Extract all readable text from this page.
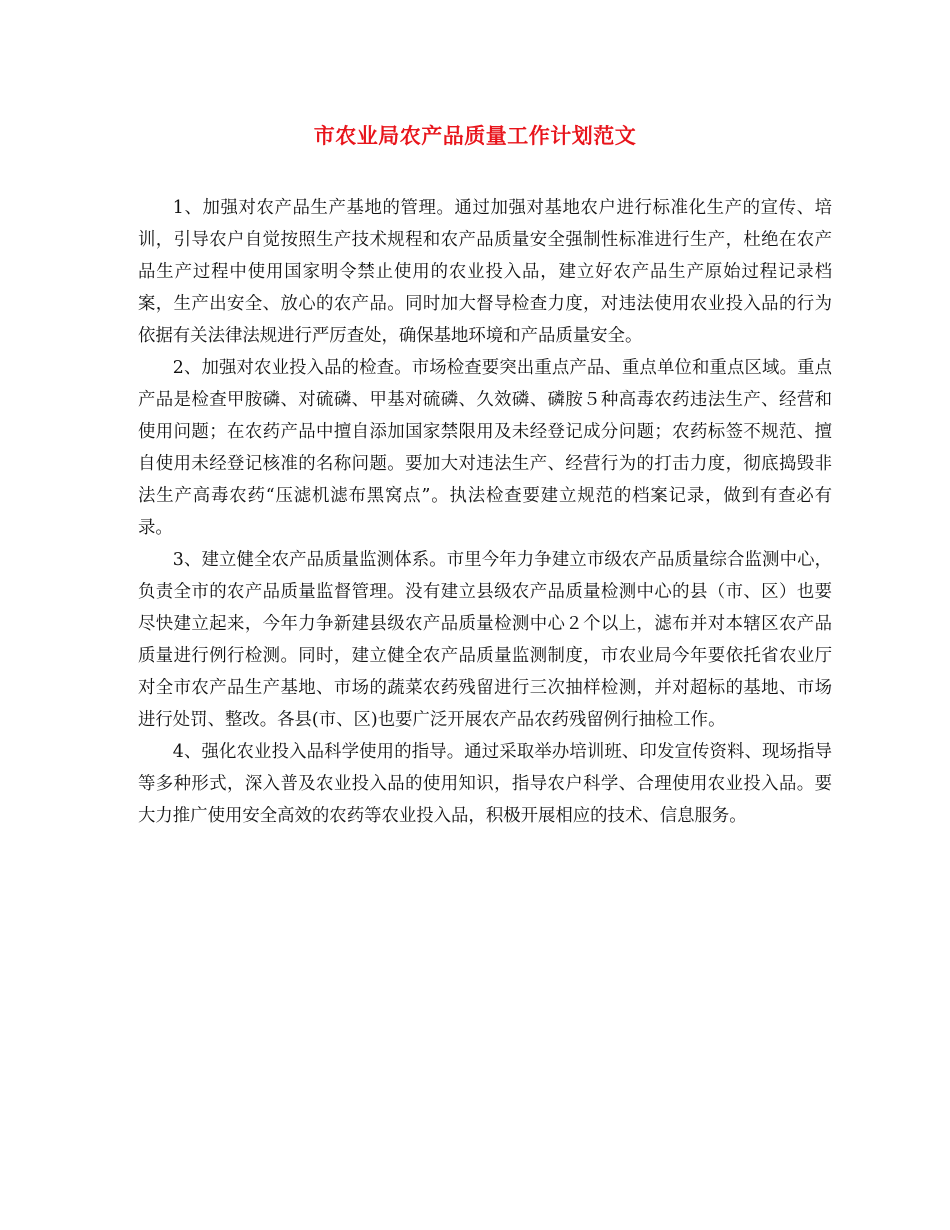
市农业局农产品质量工作计划范文

1、加强对农产品生产基地的管理。通过加强对基地农户进行标准化生产的宣传、培训，引导农户自觉按照生产技术规程和农产品质量安全强制性标准进行生产，杜绝在农产品生产过程中使用国家明令禁止使用的农业投入品，建立好农产品生产原始过程记录档案，生产出安全、放心的农产品。同时加大督导检查力度，对违法使用农业投入品的行为依据有关法律法规进行严厉查处，确保基地环境和产品质量安全。

2、加强对农业投入品的检查。市场检查要突出重点产品、重点单位和重点区域。重点产品是检查甲胺磷、对硫磷、甲基对硫磷、久效磷、磷胺５种高毒农药违法生产、经营和使用问题；在农药产品中擅自添加国家禁限用及未经登记成分问题；农药标签不规范、擅自使用未经登记核准的名称问题。要加大对违法生产、经营行为的打击力度，彻底捣毁非法生产高毒农药“压滤机滤布黑窝点”。执法检查要建立规范的档案记录，做到有查必有录。

3、建立健全农产品质量监测体系。市里今年力争建立市级农产品质量综合监测中心，负责全市的农产品质量监督管理。没有建立县级农产品质量检测中心的县（市、区）也要尽快建立起来，今年力争新建县级农产品质量检测中心２个以上，滤布并对本辖区农产品质量进行例行检测。同时，建立健全农产品质量监测制度，市农业局今年要依托省农业厅对全市农产品生产基地、市场的蔬菜农药残留进行三次抽样检测，并对超标的基地、市场进行处罚、整改。各县(市、区)也要广泛开展农产品农药残留例行抽检工作。

4、强化农业投入品科学使用的指导。通过采取举办培训班、印发宣传资料、现场指导等多种形式，深入普及农业投入品的使用知识，指导农户科学、合理使用农业投入品。要大力推广使用安全高效的农药等农业投入品，积极开展相应的技术、信息服务。
